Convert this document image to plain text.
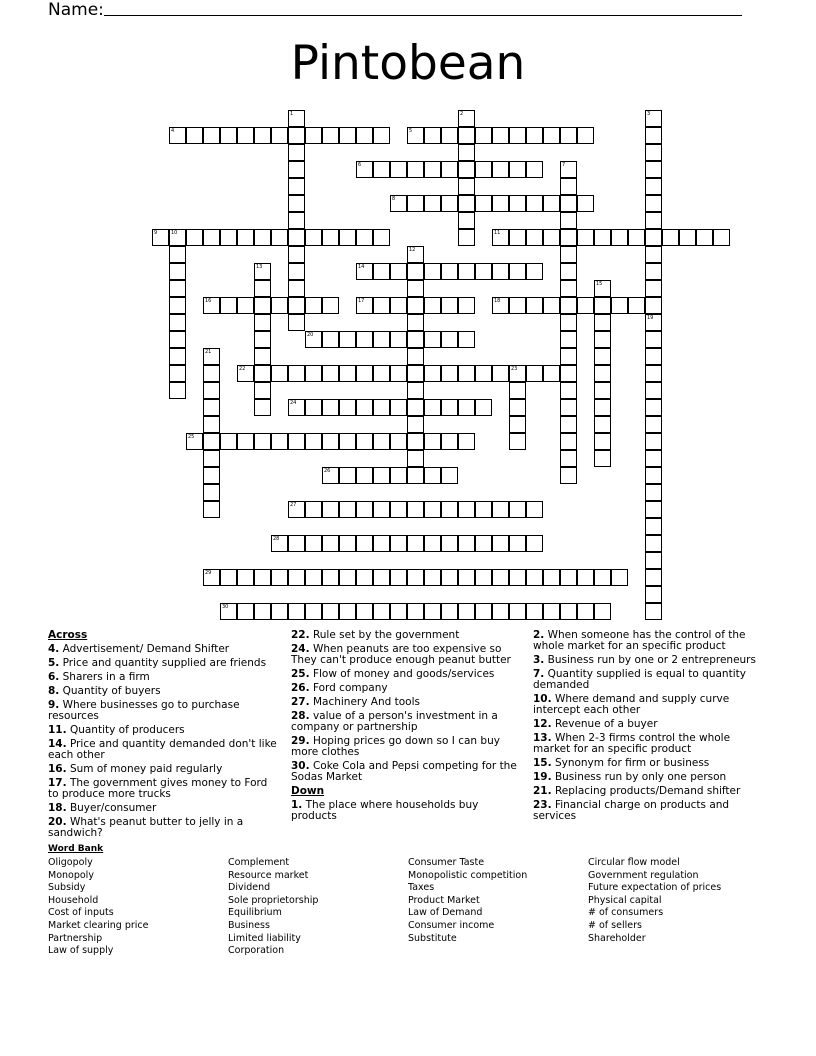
Name:
Pintobean
4	5
6
8
9	10	11
14
16	17	18
20
22	23
24
25
26
27
28
29
30
1	2	3
19
7
12
13
15
21
Across
4. Advertisement/ Demand Shifter
5. Price and quantity supplied are friends
6. Sharers in a firm
8. Quantity of buyers
9. Where businesses go to purchase resources
11. Quantity of producers
14. Price and quantity demanded don't like each other
16. Sum of money paid regularly
17. The government gives money to Ford to produce more trucks
18. Buyer/consumer
20. What's peanut butter to jelly in a sandwich?
22. Rule set by the government
24. When peanuts are too expensive so They can't produce enough peanut butter
25. Flow of money and goods/services
26. Ford company
27. Machinery And tools
28. value of a person's investment in a company or partnership
29. Hoping prices go down so I can buy more clothes
30. Coke Cola and Pepsi competing for the Sodas Market
Down
1. The place where households buy products
2. When someone has the control of the whole market for an specific product
3. Business run by one or 2 entrepreneurs
7. Quantity supplied is equal to quantity demanded
10. Where demand and supply curve intercept each other
12. Revenue of a buyer
13. When 2-3 firms control the whole market for an specific product
15. Synonym for firm or business
19. Business run by only one person
21. Replacing products/Demand shifter
23. Financial charge on products and services
Word Bank
Oligopoly
Monopoly
Subsidy
Household
Cost of inputs
Market clearing price
Partnership
Law of supply
Complement
Resource market
Dividend
Sole proprietorship
Equilibrium
Business
Limited liability
Corporation
Consumer Taste
Monopolistic competition
Taxes
Product Market
Law of Demand
Consumer income
Substitute
Circular flow model
Government regulation
Future expectation of prices
Physical capital
# of consumers
# of sellers
Shareholder
